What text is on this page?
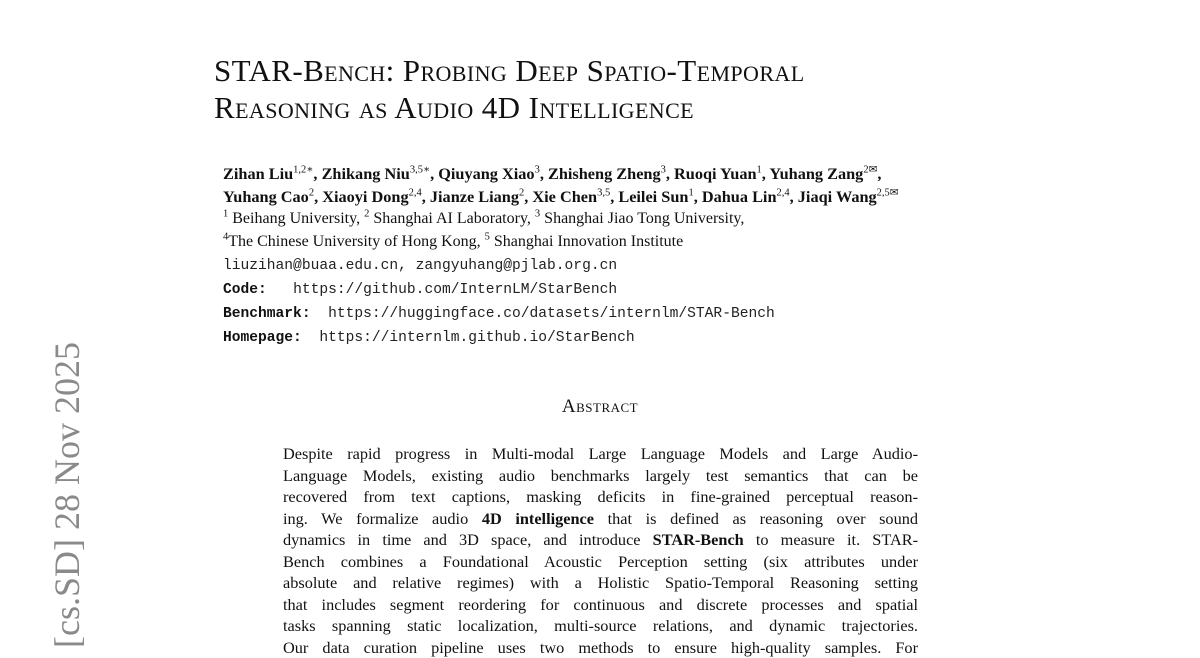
[cs.SD] 28 Nov 2025
STAR-Bench: Probing Deep Spatio-Temporal
Reasoning as Audio 4D Intelligence
Zihan Liu$^{1,2∗}$, Zhikang Niu$^{3,5∗}$, Qiuyang Xiao$^3$, Zhisheng Zheng$^3$, Ruoqi Yuan$^1$, Yuhang Zang$^{2✉}$,
Yuhang Cao$^2$, Xiaoyi Dong$^{2,4}$, Jianze Liang$^2$, Xie Chen$^{3,5}$, Leilei Sun$^1$, Dahua Lin$^{2,4}$, Jiaqi Wang$^{2,5✉}$
$^1$ Beihang University, $^2$ Shanghai AI Laboratory, $^3$ Shanghai Jiao Tong University,
$^4$The Chinese University of Hong Kong, $^5$ Shanghai Innovation Institute
liuzihan@buaa.edu.cn, zangyuhang@pjlab.org.cn
Code: https://github.com/InternLM/StarBench
Benchmark: https://huggingface.co/datasets/internlm/STAR-Bench
Homepage: https://internlm.github.io/StarBench
Abstract
Despite rapid progress in Multi-modal Large Language Models and Large Audio-
Language Models, existing audio benchmarks largely test semantics that can be
recovered from text captions, masking deficits in fine-grained perceptual reason-
ing. We formalize audio 4D intelligence that is defined as reasoning over sound
dynamics in time and 3D space, and introduce STAR-Bench to measure it. STAR-
Bench combines a Foundational Acoustic Perception setting (six attributes under
absolute and relative regimes) with a Holistic Spatio-Temporal Reasoning setting
that includes segment reordering for continuous and discrete processes and spatial
tasks spanning static localization, multi-source relations, and dynamic trajectories.
Our data curation pipeline uses two methods to ensure high-quality samples. For
